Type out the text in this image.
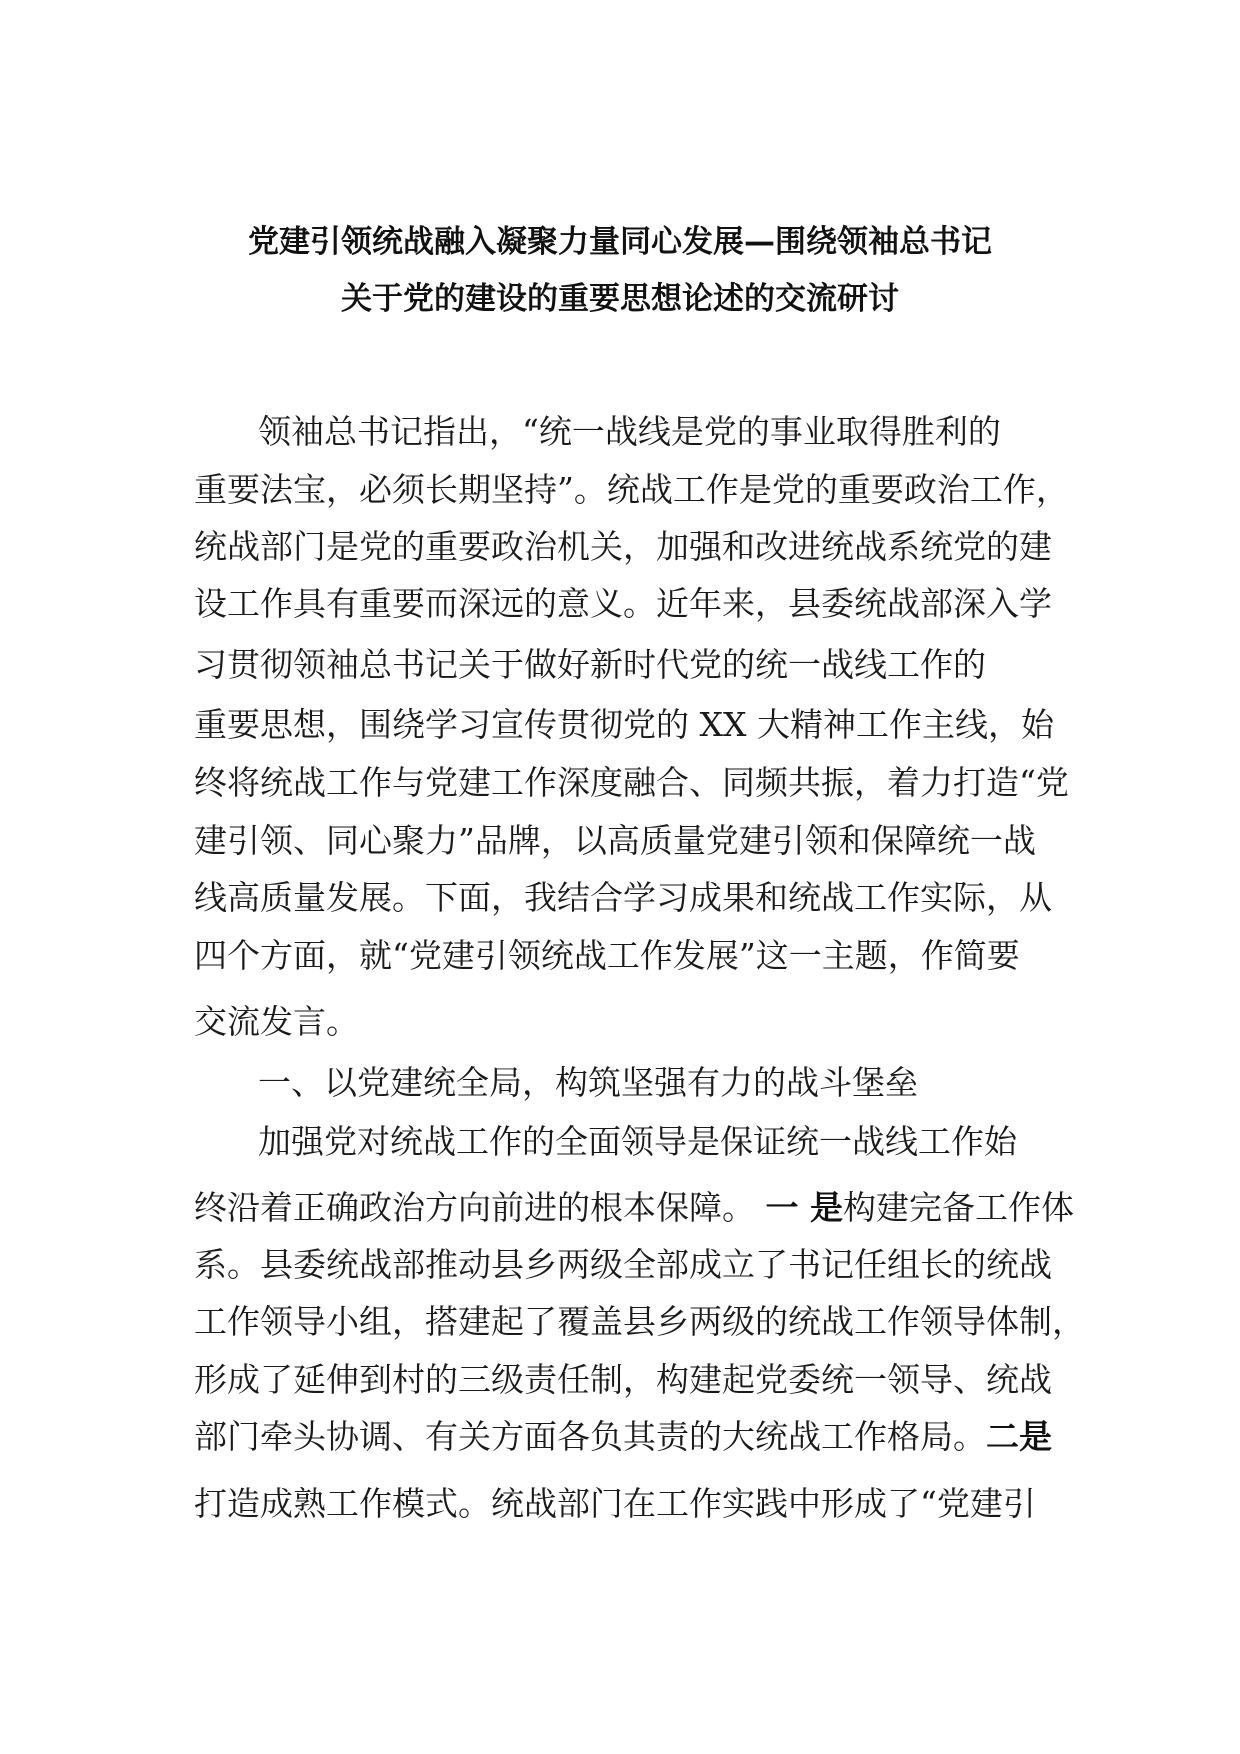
党建引领统战融入凝聚力量同心发展—围绕领袖总书记
关于党的建设的重要思想论述的交流研讨
领袖总书记指出，“统一战线是党的事业取得胜利的
重要法宝，必须长期坚持”。统战工作是党的重要政治工作，
统战部门是党的重要政治机关，加强和改进统战系统党的建
设工作具有重要而深远的意义。近年来，县委统战部深入学
习贯彻领袖总书记关于做好新时代党的统一战线工作的
重要思想，围绕学习宣传贯彻党的 XX 大精神工作主线，始
终将统战工作与党建工作深度融合、同频共振，着力打造“党
建引领、同心聚力”品牌，以高质量党建引领和保障统一战
线高质量发展。下面，我结合学习成果和统战工作实际，从
四个方面，就“党建引领统战工作发展”这一主题，作简要
交流发言。
一、以党建统全局，构筑坚强有力的战斗堡垒
加强党对统战工作的全面领导是保证统一战线工作始
终沿着正确政治方向前进的根本保障。 一 是构建完备工作体
系。县委统战部推动县乡两级全部成立了书记任组长的统战
工作领导小组，搭建起了覆盖县乡两级的统战工作领导体制，
形成了延伸到村的三级责任制，构建起党委统一领导、统战
部门牵头协调、有关方面各负其责的大统战工作格局。二是
打造成熟工作模式。统战部门在工作实践中形成了“党建引
